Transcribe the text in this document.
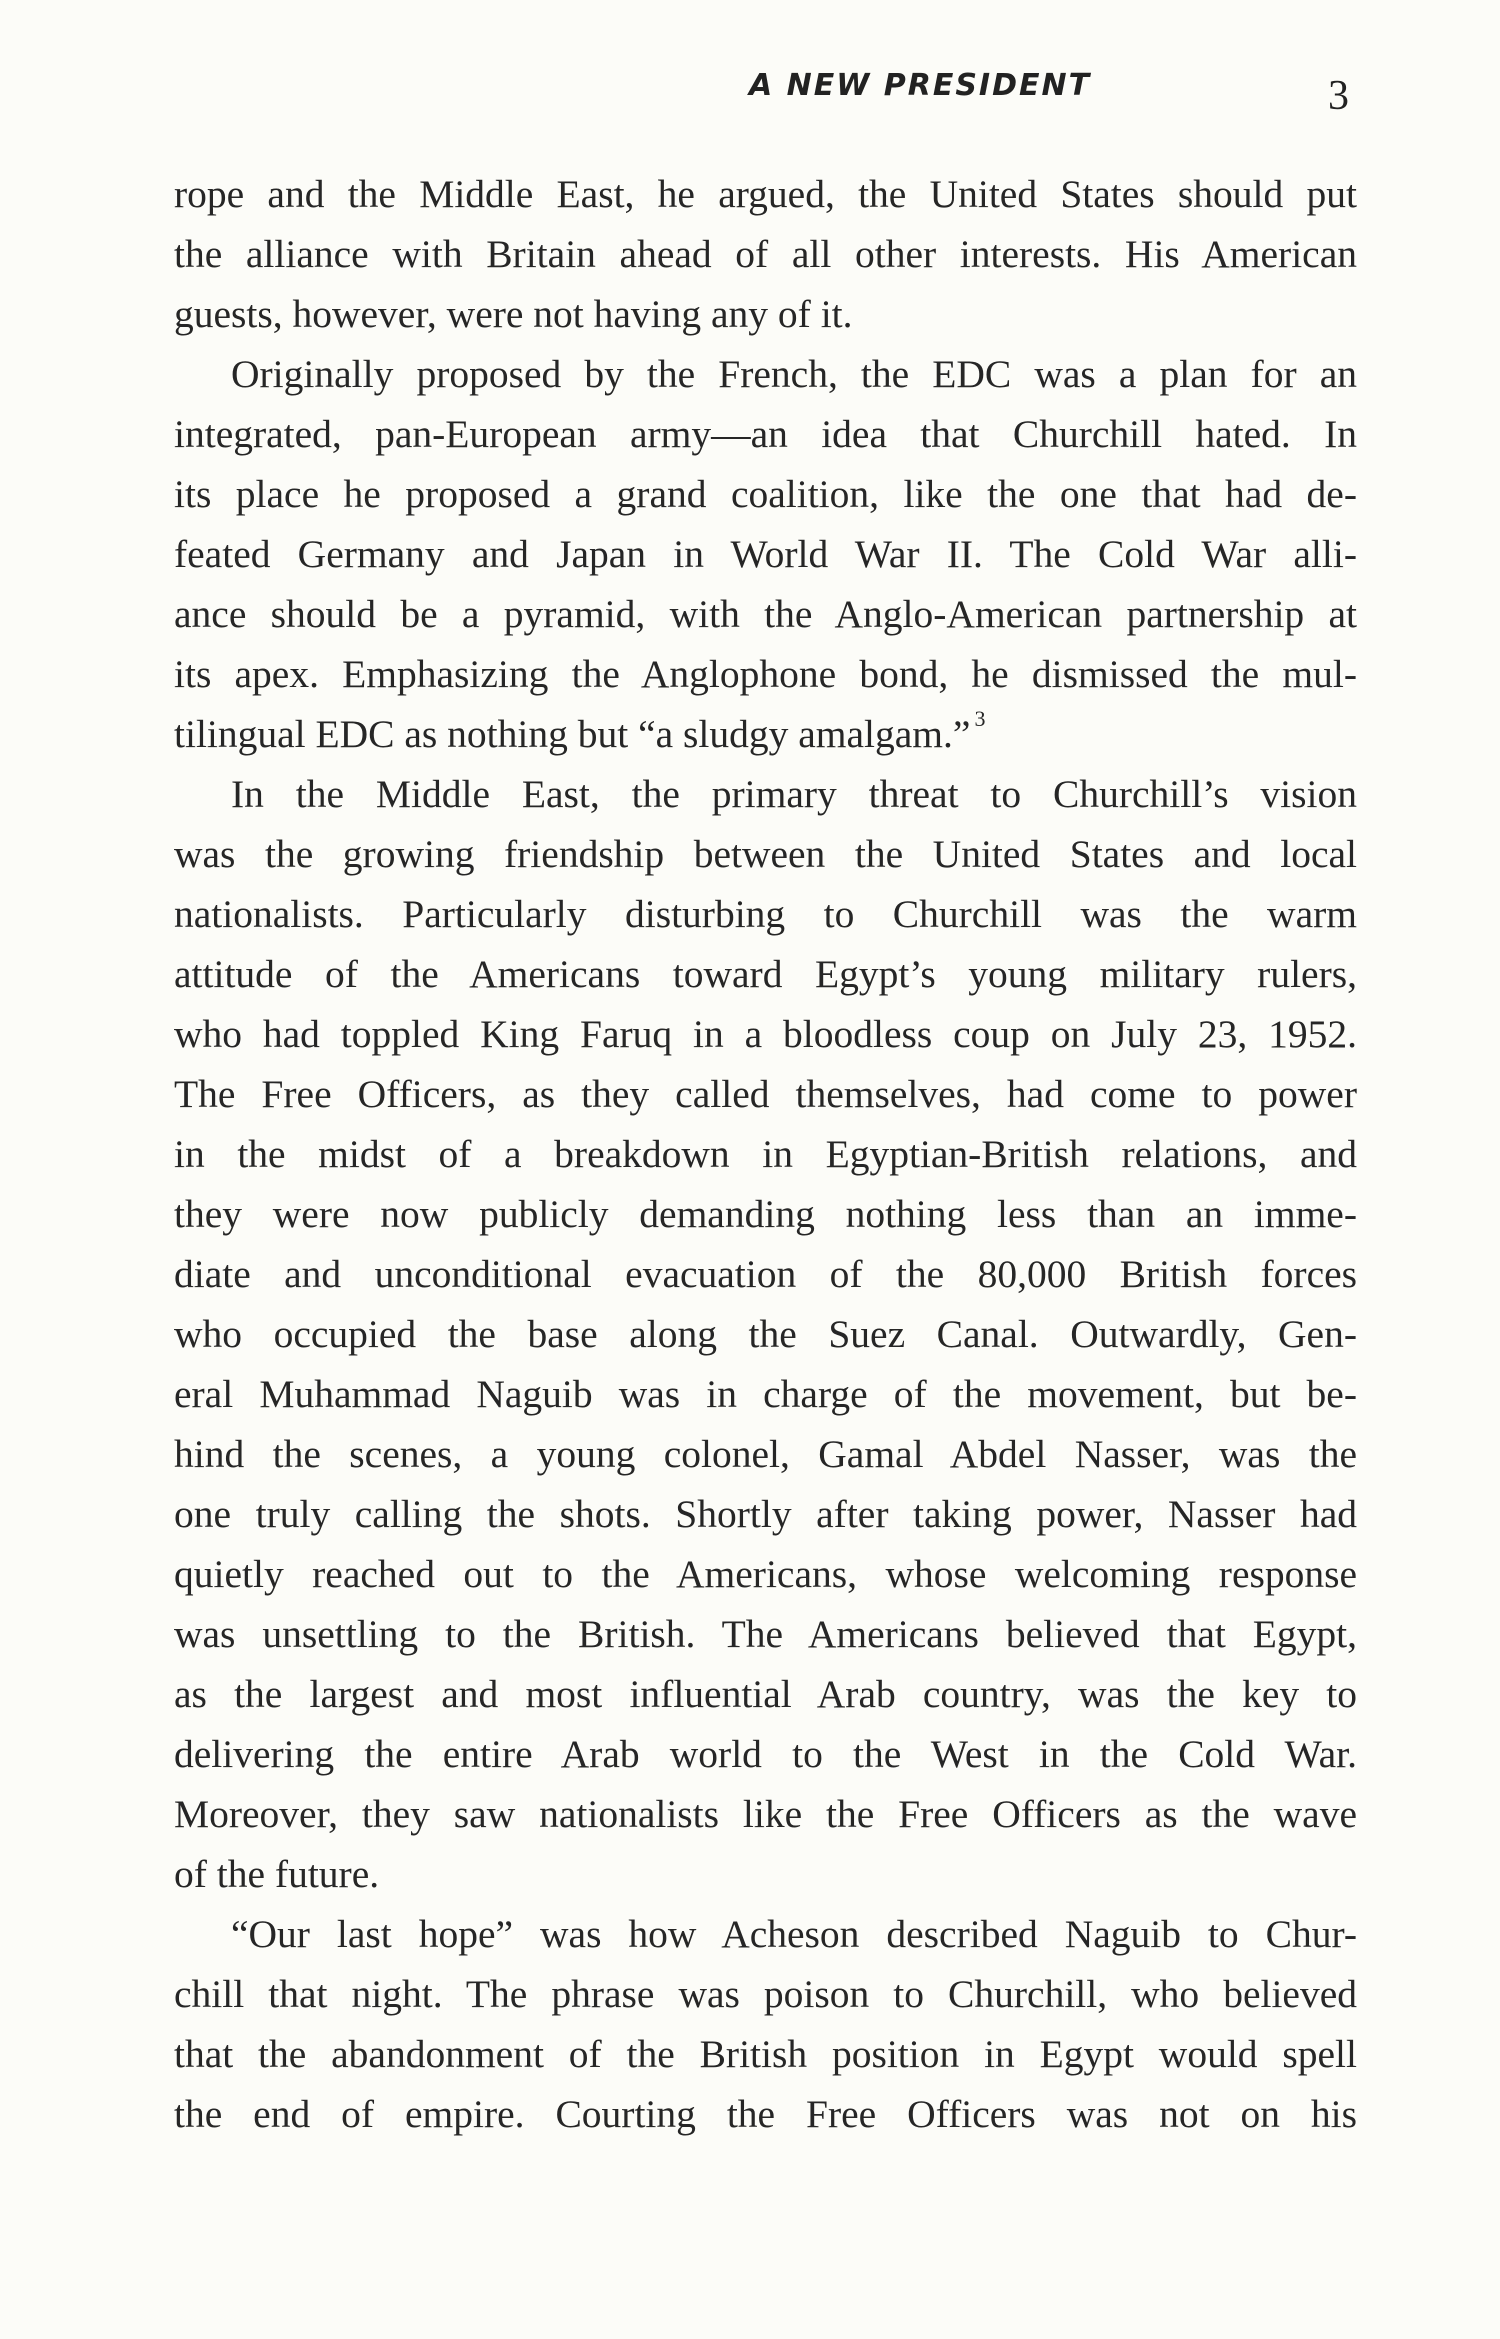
A NEW PRESIDENT	3
rope and the Middle East, he argued, the United States should put
the alliance with Britain ahead of all other interests. His American
guests, however, were not having any of it.
Originally proposed by the French, the EDC was a plan for an
integrated, pan-European army—an idea that Churchill hated. In
its place he proposed a grand coalition, like the one that had de-
feated Germany and Japan in World War II. The Cold War alli-
ance should be a pyramid, with the Anglo-American partnership at
its apex. Emphasizing the Anglophone bond, he dismissed the mul-
tilingual EDC as nothing but “a sludgy amalgam.” $^3$
In the Middle East, the primary threat to Churchill’s vision
was the growing friendship between the United States and local
nationalists. Particularly disturbing to Churchill was the warm
attitude of the Americans toward Egypt’s young military rulers,
who had toppled King Faruq in a bloodless coup on July 23, 1952.
The Free Officers, as they called themselves, had come to power
in the midst of a breakdown in Egyptian-British relations, and
they were now publicly demanding nothing less than an imme-
diate and unconditional evacuation of the 80,000 British forces
who occupied the base along the Suez Canal. Outwardly, Gen-
eral Muhammad Naguib was in charge of the movement, but be-
hind the scenes, a young colonel, Gamal Abdel Nasser, was the
one truly calling the shots. Shortly after taking power, Nasser had
quietly reached out to the Americans, whose welcoming response
was unsettling to the British. The Americans believed that Egypt,
as the largest and most influential Arab country, was the key to
delivering the entire Arab world to the West in the Cold War.
Moreover, they saw nationalists like the Free Officers as the wave
of the future.
“Our last hope” was how Acheson described Naguib to Chur-
chill that night. The phrase was poison to Churchill, who believed
that the abandonment of the British position in Egypt would spell
the end of empire. Courting the Free Officers was not on his
